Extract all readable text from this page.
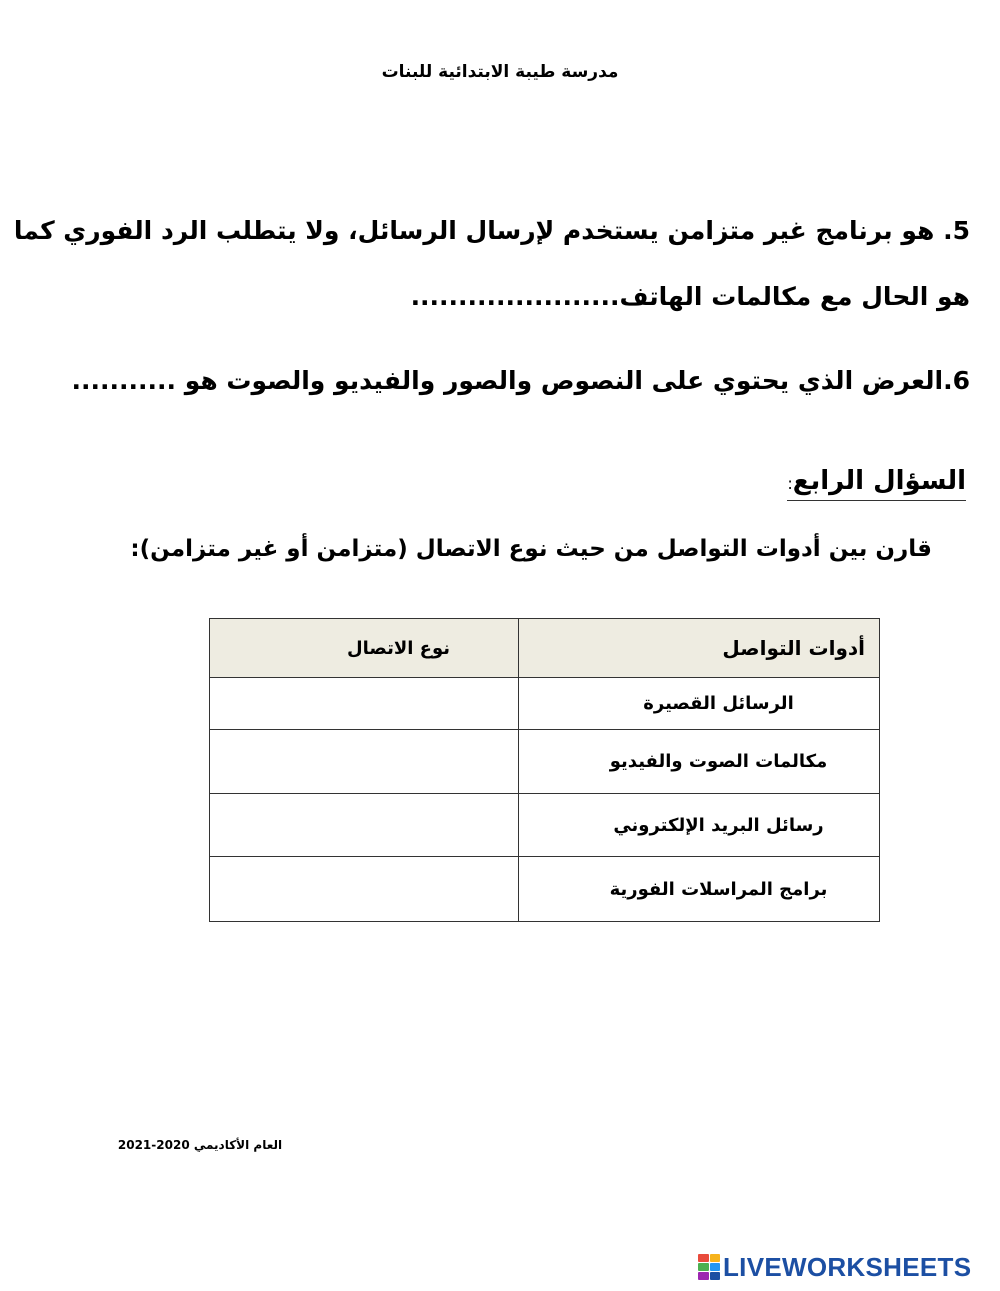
مدرسة طيبة الابتدائية للبنات
5. هو برنامج غير متزامن يستخدم لإرسال الرسائل، ولا يتطلب الرد الفوري كما
هو الحال مع مكالمات الهاتف......................
6.العرض الذي يحتوي على النصوص والصور والفيديو والصوت هو ...........
السؤال الرابع:
قارن بين أدوات التواصل من حيث نوع الاتصال (متزامن أو غير متزامن):
أدوات التواصل	نوع الاتصال
الرسائل القصيرة	
مكالمات الصوت والفيديو	
رسائل البريد الإلكتروني	
برامج المراسلات الفورية	
العام الأكاديمي 2020-2021
LIVEWORKSHEETS
